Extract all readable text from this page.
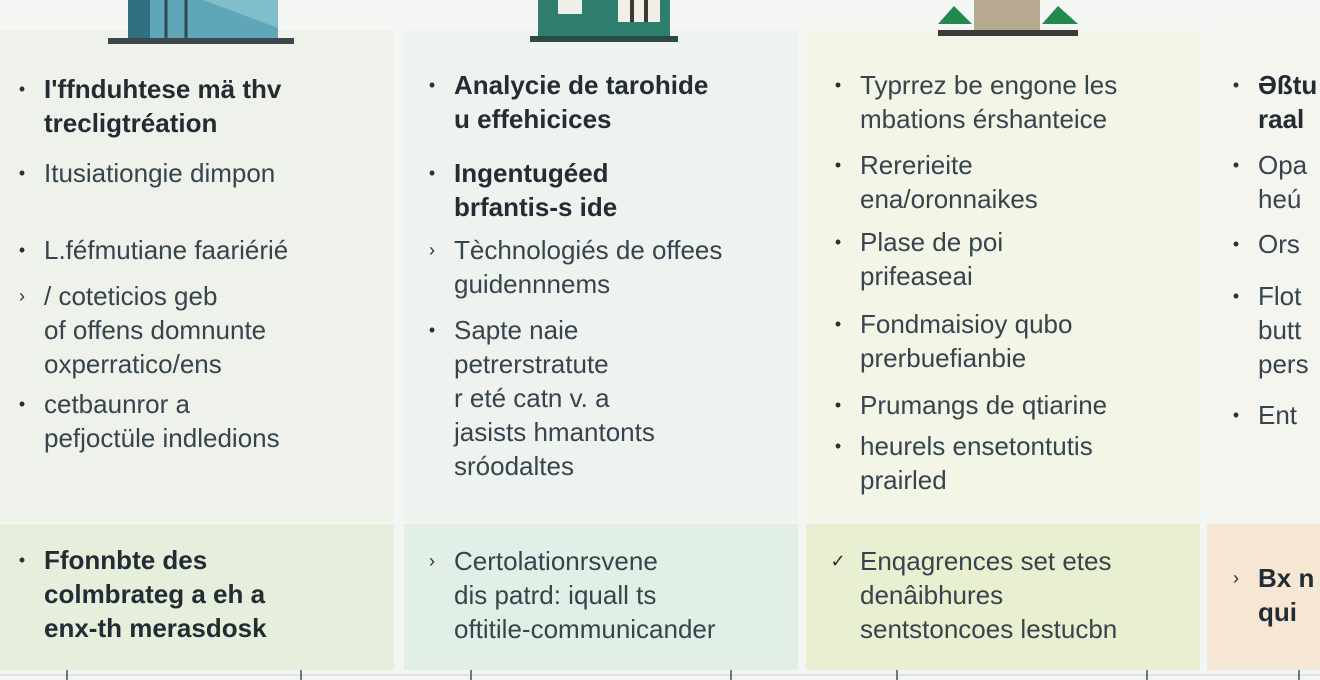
• I'ffnduhtese mä thv
trecligtréation
• Itusiationgie dimpon
• L.féfmutiane faariérié
› / coteticios geb
of offens domnunte
oxperratico/ens
• cetbaunror a
pefjoctüle indledions
• Ffonnbte des
colmbrateg a eh a
enx-th merasdosk
• Analycie de tarohide
u effehicices
• Ingentugéed
brfantis-s ide
› Tèchnologiés de offees
guidennnems
• Sapte naie
petrerstratute
r eté catn v. a
jasists hmantonts
sróodaltes
› Certolationrsvene
dis patrd: iquall ts
oftitile-communicander
• Typrrez be engone les
mbations érshanteice
• Rererieite
ena/oronnaikes
• Plase de poi
prifeaseai
• Fondmaisioy qubo
prerbuefianbie
• Prumangs de qtiarine
• heurels ensetontutis
prairled
✓ Enqagrences set etes
denâibhures
sentstoncoes lestucbn
• Əßtu
raal
• Opa
heú
• Ors
• Flot
butt
pers
• Ent
› Bx n
qui
